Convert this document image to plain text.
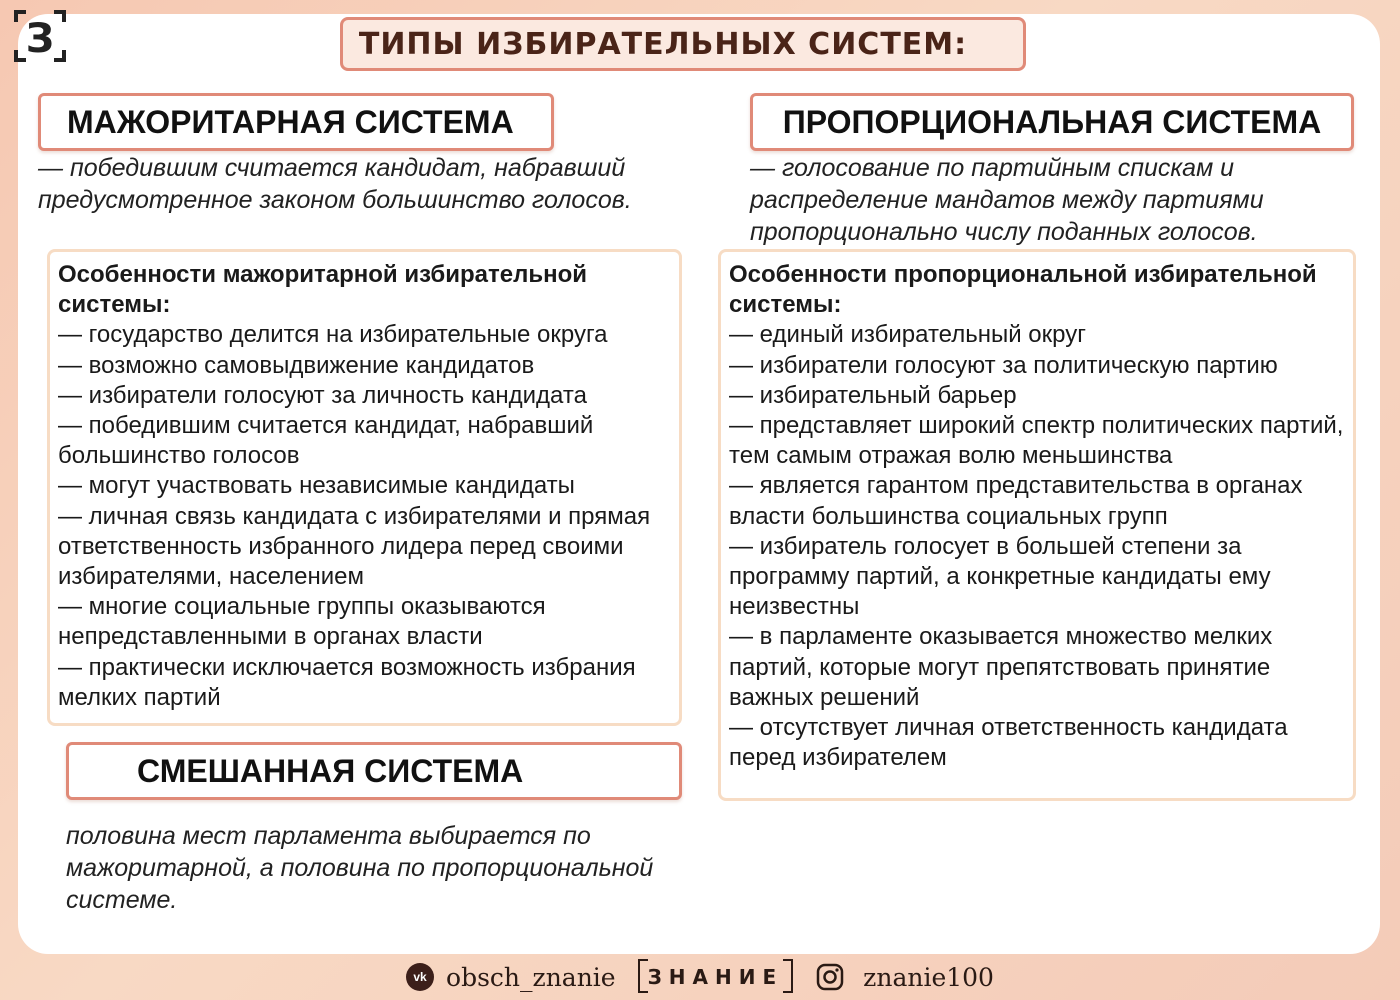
З	ТИПЫ ИЗБИРАТЕЛЬНЫХ СИСТЕМ:
МАЖОРИТАРНАЯ СИСТЕМА
— победившим считается кандидат, набравший предусмотренное законом большинство голосов.
ПРОПОРЦИОНАЛЬНАЯ СИСТЕМА
— голосование по партийным спискам и распределение мандатов между партиями пропорционально числу поданных голосов.
Особенности мажоритарной избирательной системы:
— государство делится на избирательные округа
— возможно самовыдвижение кандидатов
— избиратели голосуют за личность кандидата
— победившим считается кандидат, набравший большинство голосов
— могут участвовать независимые кандидаты
— личная связь кандидата с избирателями и прямая ответственность избранного лидера перед своими избирателями, населением
— многие социальные группы оказываются непредставленными в органах власти
— практически исключается возможность избрания мелких партий
Особенности пропорциональной избирательной системы:
— единый избирательный округ
— избиратели голосуют за политическую партию
— избирательный барьер
— представляет широкий спектр политических партий, тем самым отражая волю меньшинства
— является гарантом представительства в органах власти большинства социальных групп
— избиратель голосует в большей степени за программу партий, а конкретные кандидаты ему неизвестны
— в парламенте оказывается множество мелких партий, которые могут препятствовать принятие важных решений
— отсутствует личная ответственность кандидата перед избирателем
СМЕШАННАЯ СИСТЕМА
половина мест парламента выбирается по мажоритарной, а половина по пропорциональной системе.
vk obsch_znanie	ЗНАНИЕ	znanie100
